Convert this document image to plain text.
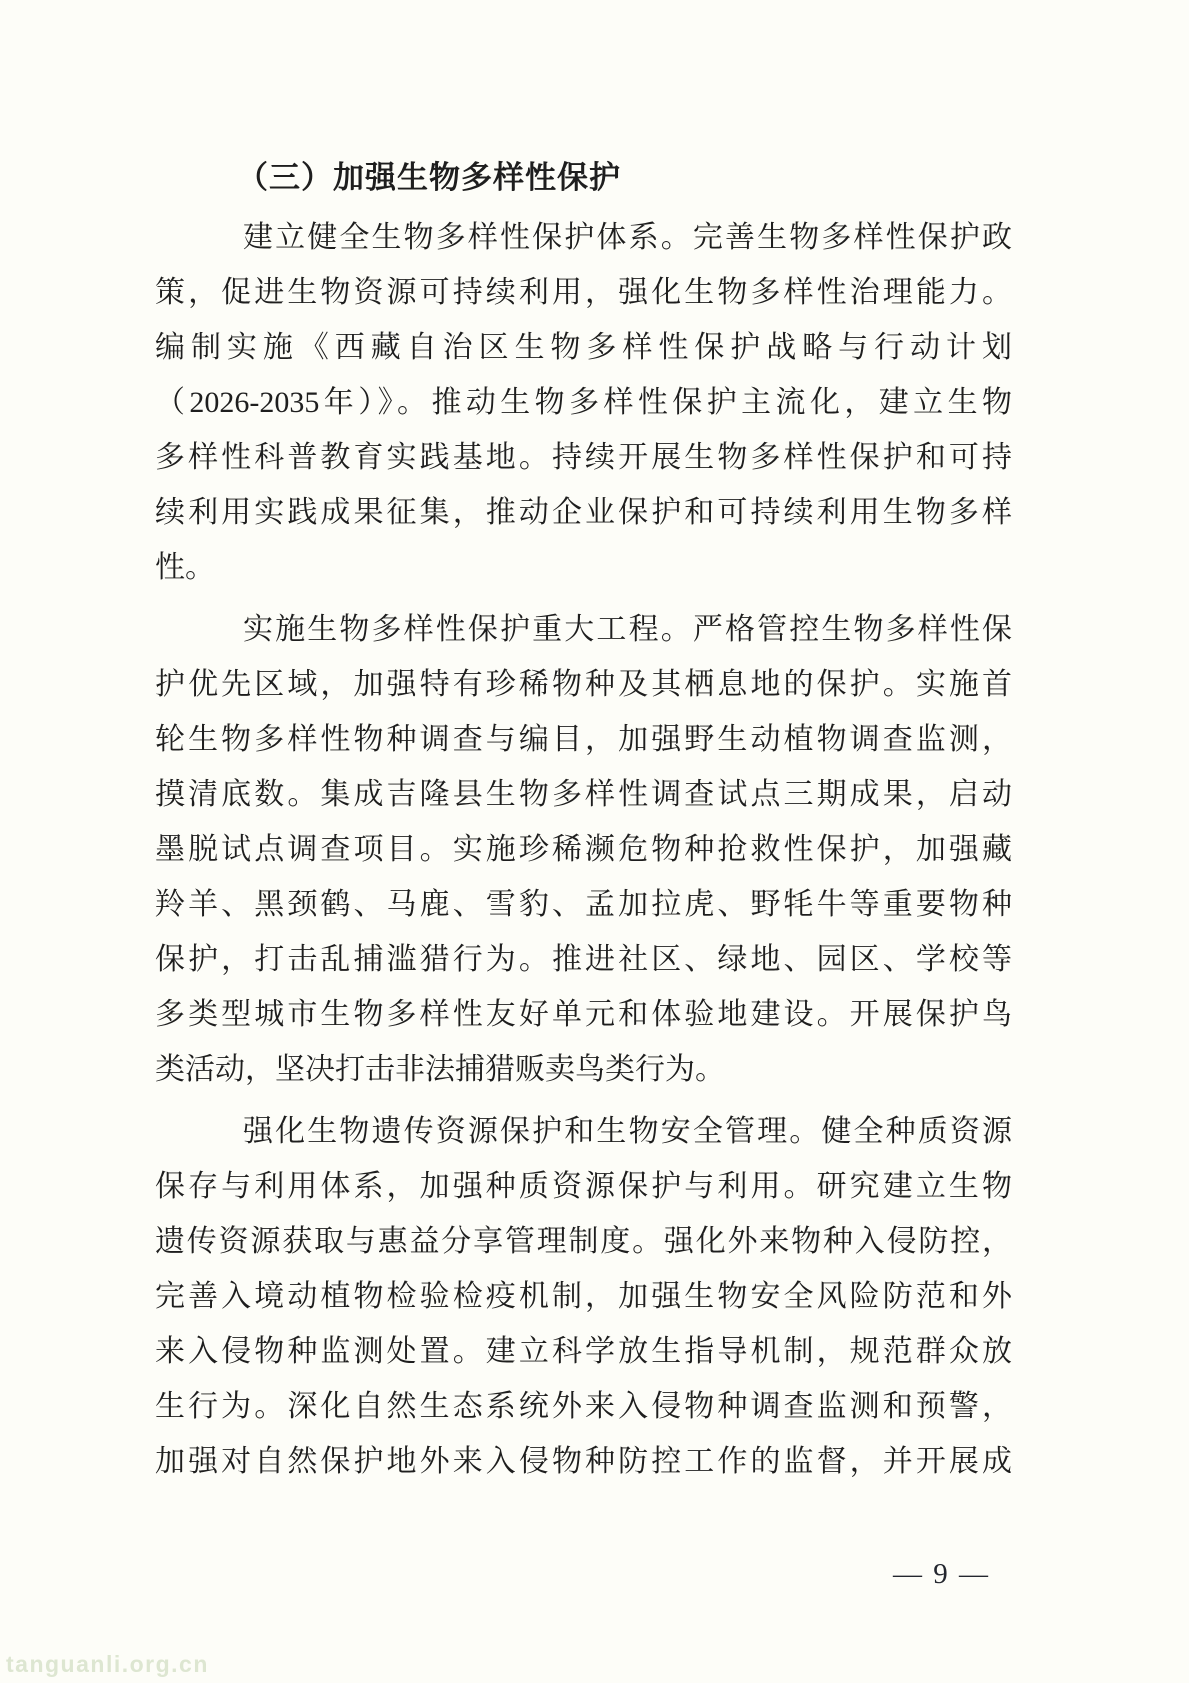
（三）加强生物多样性保护
建立健全生物多样性保护体系。完善生物多样性保护政
策，促进生物资源可持续利用，强化生物多样性治理能力。
编制实施《西藏自治区生物多样性保护战略与行动计划
（2026-2035年）》。推动生物多样性保护主流化，建立生物
多样性科普教育实践基地。持续开展生物多样性保护和可持
续利用实践成果征集，推动企业保护和可持续利用生物多样
性。
实施生物多样性保护重大工程。严格管控生物多样性保
护优先区域，加强特有珍稀物种及其栖息地的保护。实施首
轮生物多样性物种调查与编目，加强野生动植物调查监测，
摸清底数。集成吉隆县生物多样性调查试点三期成果，启动
墨脱试点调查项目。实施珍稀濒危物种抢救性保护，加强藏
羚羊、黑颈鹤、马鹿、雪豹、孟加拉虎、野牦牛等重要物种
保护，打击乱捕滥猎行为。推进社区、绿地、园区、学校等
多类型城市生物多样性友好单元和体验地建设。开展保护鸟
类活动，坚决打击非法捕猎贩卖鸟类行为。
强化生物遗传资源保护和生物安全管理。健全种质资源
保存与利用体系，加强种质资源保护与利用。研究建立生物
遗传资源获取与惠益分享管理制度。强化外来物种入侵防控，
完善入境动植物检验检疫机制，加强生物安全风险防范和外
来入侵物种监测处置。建立科学放生指导机制，规范群众放
生行为。深化自然生态系统外来入侵物种调查监测和预警，
加强对自然保护地外来入侵物种防控工作的监督，并开展成
— 9 —
tanguanli.org.cn
